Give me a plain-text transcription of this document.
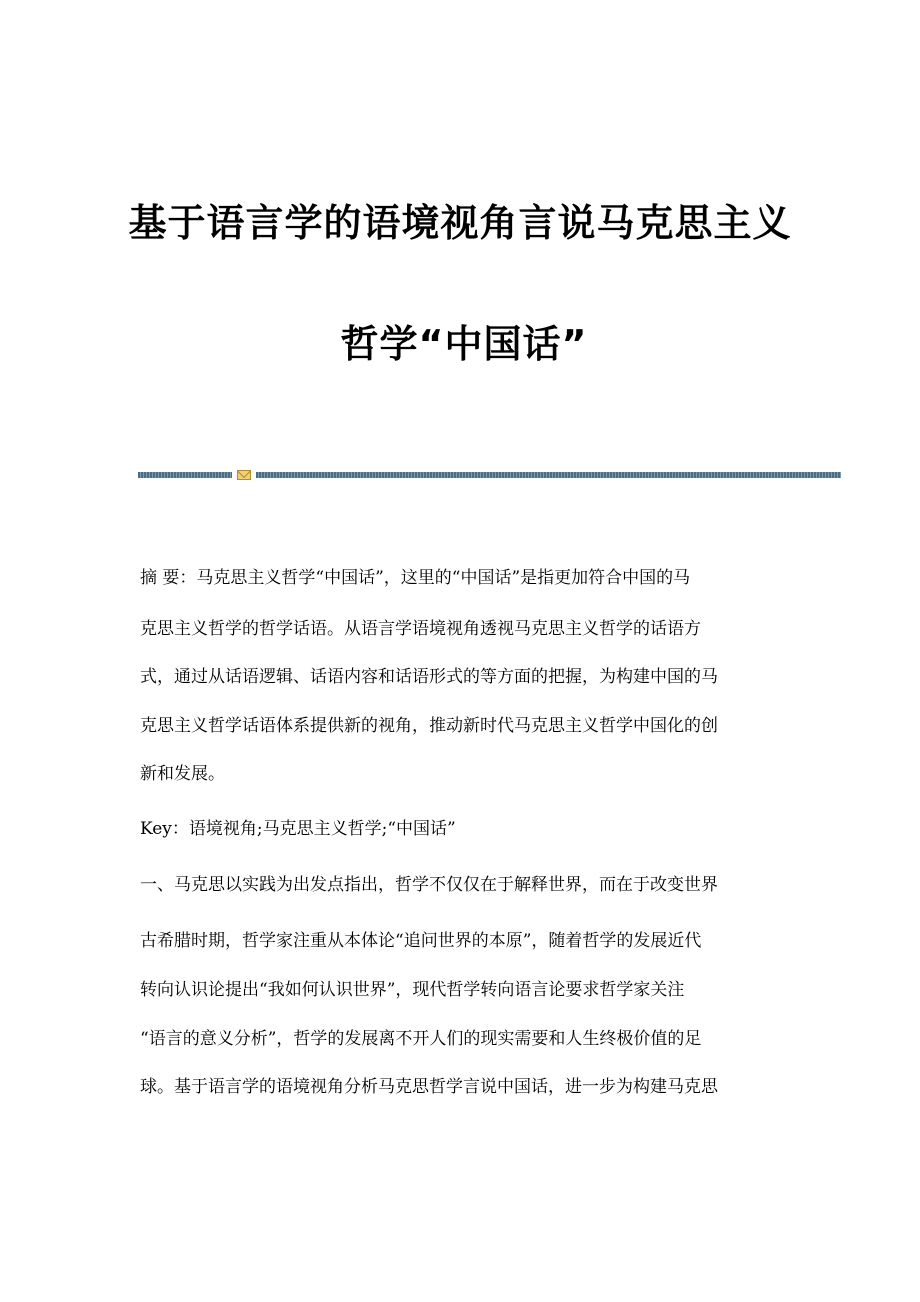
基于语言学的语境视角言说马克思主义
哲学“中国话”
摘 要：马克思主义哲学“中国话”，这里的“中国话”是指更加符合中国的马
克思主义哲学的哲学话语。从语言学语境视角透视马克思主义哲学的话语方
式，通过从话语逻辑、话语内容和话语形式的等方面的把握，为构建中国的马
克思主义哲学话语体系提供新的视角，推动新时代马克思主义哲学中国化的创
新和发展。
Key：语境视角;马克思主义哲学;“中国话”
一、马克思以实践为出发点指出，哲学不仅仅在于解释世界，而在于改变世界
古希腊时期，哲学家注重从本体论“追问世界的本原”，随着哲学的发展近代
转向认识论提出“我如何认识世界”，现代哲学转向语言论要求哲学家关注
“语言的意义分析”，哲学的发展离不开人们的现实需要和人生终极价值的足
球。基于语言学的语境视角分析马克思哲学言说中国话，进一步为构建马克思
